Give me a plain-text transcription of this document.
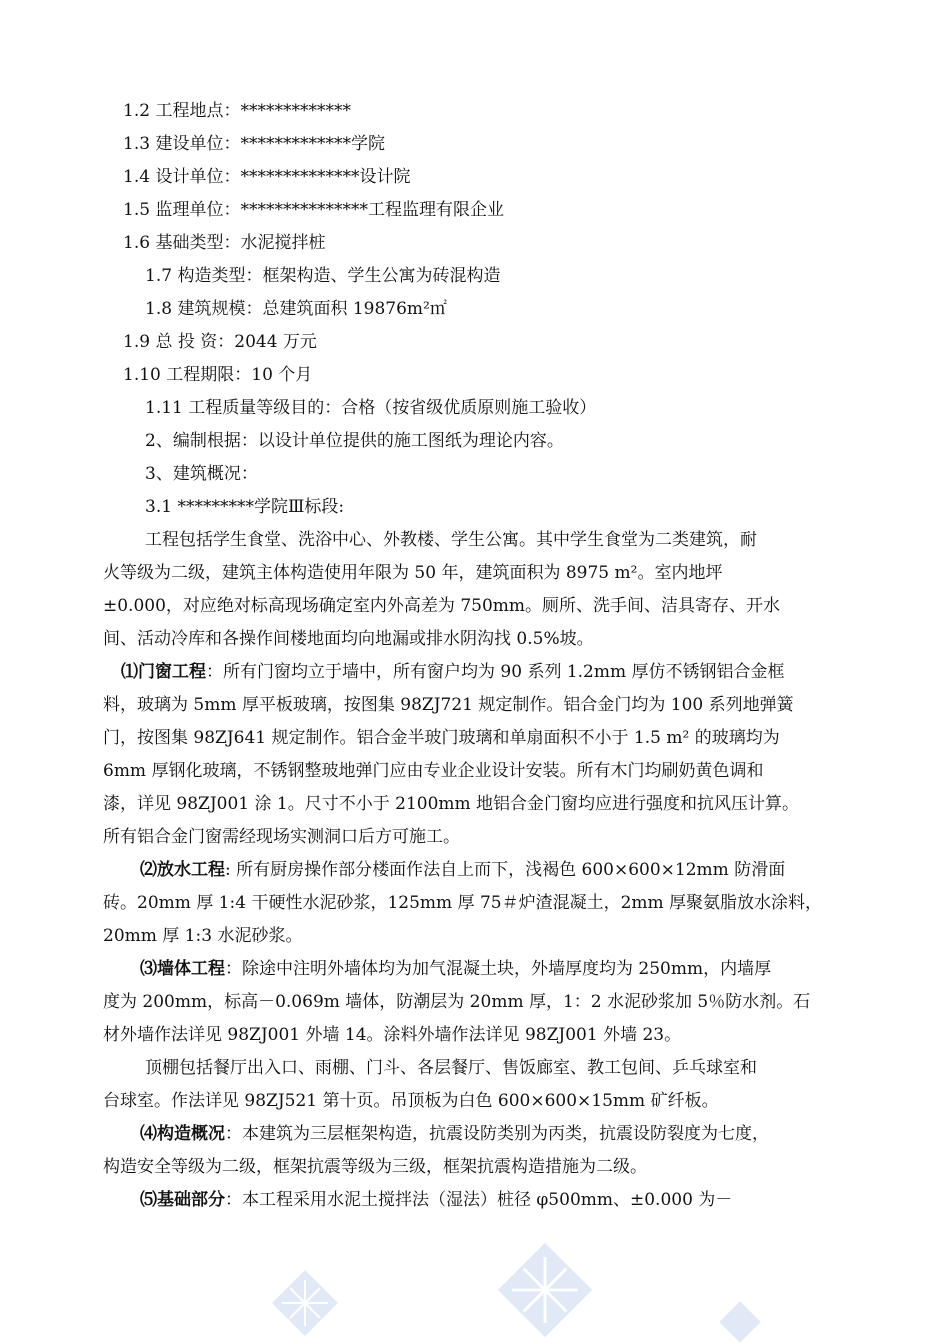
1.2 工程地点：*************
1.3 建设单位：*************学院
1.4 设计单位：**************设计院
1.5 监理单位：***************工程监理有限企业
1.6 基础类型：水泥搅拌桩
1.7 构造类型：框架构造、学生公寓为砖混构造
1.8 建筑规模：总建筑面积 19876m²㎡
1.9 总 投 资：2044 万元
1.10 工程期限：10 个月
1.11 工程质量等级目的：合格（按省级优质原则施工验收）
2、编制根据：以设计单位提供的施工图纸为理论内容。
3、建筑概况：
3.1 *********学院Ⅲ标段:
工程包括学生食堂、洗浴中心、外教楼、学生公寓。其中学生食堂为二类建筑，耐
火等级为二级，建筑主体构造使用年限为 50 年，建筑面积为 8975 m²。室内地坪
±0.000，对应绝对标高现场确定室内外高差为 750mm。厕所、洗手间、洁具寄存、开水
间、活动冷库和各操作间楼地面均向地漏或排水阴沟找 0.5%坡。
⑴门窗工程：所有门窗均立于墙中，所有窗户均为 90 系列 1.2mm 厚仿不锈钢铝合金框
料，玻璃为 5mm 厚平板玻璃，按图集 98ZJ721 规定制作。铝合金门均为 100 系列地弹簧
门，按图集 98ZJ641 规定制作。铝合金半玻门玻璃和单扇面积不小于 1.5 m² 的玻璃均为
6mm 厚钢化玻璃，不锈钢整玻地弹门应由专业企业设计安装。所有木门均刷奶黄色调和
漆，详见 98ZJ001 涂 1。尺寸不小于 2100mm 地铝合金门窗均应进行强度和抗风压计算。
所有铝合金门窗需经现场实测洞口后方可施工。
⑵放水工程: 所有厨房操作部分楼面作法自上而下，浅褐色 600×600×12mm 防滑面
砖。20mm 厚 1:4 干硬性水泥砂浆，125mm 厚 75＃炉渣混凝土，2mm 厚聚氨脂放水涂料，
20mm 厚 1:3 水泥砂浆。
⑶墙体工程：除途中注明外墙体均为加气混凝土块，外墙厚度均为 250mm，内墙厚
度为 200mm，标高－0.069m 墙体，防潮层为 20mm 厚，1：2 水泥砂浆加 5％防水剂。石
材外墙作法详见 98ZJ001 外墙 14。涂料外墙作法详见 98ZJ001 外墙 23。
顶棚包括餐厅出入口、雨棚、门斗、各层餐厅、售饭廊室、教工包间、乒乓球室和
台球室。作法详见 98ZJ521 第十页。吊顶板为白色 600×600×15mm 矿纤板。
⑷构造概况：本建筑为三层框架构造，抗震设防类别为丙类，抗震设防裂度为七度，
构造安全等级为二级，框架抗震等级为三级，框架抗震构造措施为二级。
⑸基础部分：本工程采用水泥土搅拌法（湿法）桩径 φ500mm、±0.000 为－
